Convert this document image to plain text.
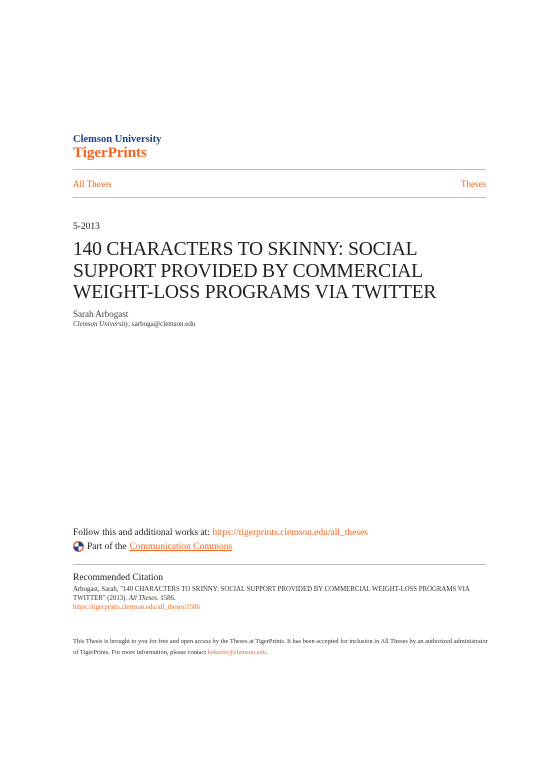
Clemson University
TigerPrints
All Theses	Theses
5-2013
140 CHARACTERS TO SKINNY: SOCIAL SUPPORT PROVIDED BY COMMERCIAL WEIGHT-LOSS PROGRAMS VIA TWITTER
Sarah Arbogast
Clemson University, sarboga@clemson.edu
Follow this and additional works at: https://tigerprints.clemson.edu/all_theses
Part of the Communication Commons
Recommended Citation

Arbogast, Sarah, "140 CHARACTERS TO SKINNY: SOCIAL SUPPORT PROVIDED BY COMMERCIAL WEIGHT-LOSS PROGRAMS VIA TWITTER" (2013). All Theses. 1586.
https://tigerprints.clemson.edu/all_theses/1586

This Thesis is brought to you for free and open access by the Theses at TigerPrints. It has been accepted for inclusion in All Theses by an authorized administrator of TigerPrints. For more information, please contact kokeefe@clemson.edu.
